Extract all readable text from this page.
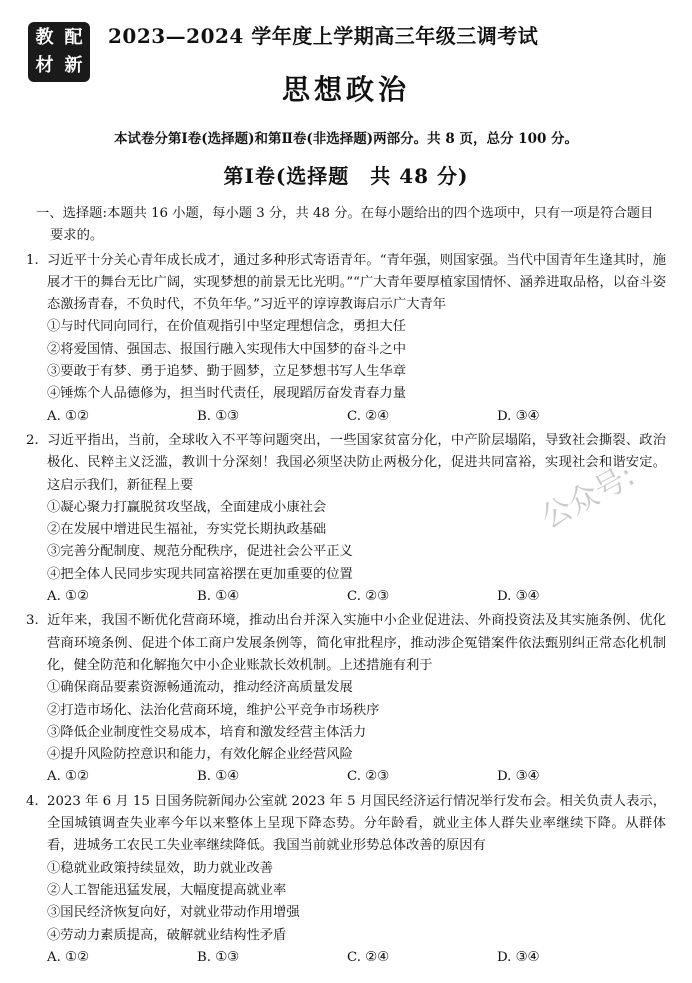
教 配
材 新
2023—2024 学年度上学期高三年级三调考试
思想政治
本试卷分第Ⅰ卷(选择题)和第Ⅱ卷(非选择题)两部分。共 8 页，总分 100 分。
第Ⅰ卷(选择题　共 48 分)
一、选择题:本题共 16 小题，每小题 3 分，共 48 分。在每小题给出的四个选项中，只有一项是符合题目要求的。
1. 习近平十分关心青年成长成才，通过多种形式寄语青年。“青年强，则国家强。当代中国青年生逢其时，施展才干的舞台无比广阔，实现梦想的前景无比光明。”“广大青年要厚植家国情怀、涵养进取品格，以奋斗姿态激扬青春，不负时代，不负年华。”习近平的谆谆教诲启示广大青年
①与时代同向同行，在价值观指引中坚定理想信念，勇担大任
②将爱国情、强国志、报国行融入实现伟大中国梦的奋斗之中
③要敢于有梦、勇于追梦、勤于圆梦，立足梦想书写人生华章
④锤炼个人品德修为，担当时代责任，展现蹈厉奋发青春力量
A. ①②	B. ①③	C. ②④	D. ③④
2. 习近平指出，当前，全球收入不平等问题突出，一些国家贫富分化，中产阶层塌陷，导致社会撕裂、政治极化、民粹主义泛滥，教训十分深刻！我国必须坚决防止两极分化，促进共同富裕，实现社会和谐安定。这启示我们，新征程上要
①凝心聚力打赢脱贫攻坚战，全面建成小康社会
②在发展中增进民生福祉，夯实党长期执政基础
③完善分配制度、规范分配秩序，促进社会公平正义
④把全体人民同步实现共同富裕摆在更加重要的位置
A. ①②	B. ①④	C. ②③	D. ③④
3. 近年来，我国不断优化营商环境，推动出台并深入实施中小企业促进法、外商投资法及其实施条例、优化营商环境条例、促进个体工商户发展条例等，简化审批程序，推动涉企冤错案件依法甄别纠正常态化机制化，健全防范和化解拖欠中小企业账款长效机制。上述措施有利于
①确保商品要素资源畅通流动，推动经济高质量发展
②打造市场化、法治化营商环境，维护公平竞争市场秩序
③降低企业制度性交易成本，培育和激发经营主体活力
④提升风险防控意识和能力，有效化解企业经营风险
A. ①②	B. ①④	C. ②③	D. ③④
4. 2023 年 6 月 15 日国务院新闻办公室就 2023 年 5 月国民经济运行情况举行发布会。相关负责人表示，全国城镇调查失业率今年以来整体上呈现下降态势。分年龄看，就业主体人群失业率继续下降。从群体看，进城务工农民工失业率继续降低。我国当前就业形势总体改善的原因有
①稳就业政策持续显效，助力就业改善
②人工智能迅猛发展，大幅度提高就业率
③国民经济恢复向好，对就业带动作用增强
④劳动力素质提高，破解就业结构性矛盾
A. ①②	B. ①③	C. ②④	D. ③④
公众号:
